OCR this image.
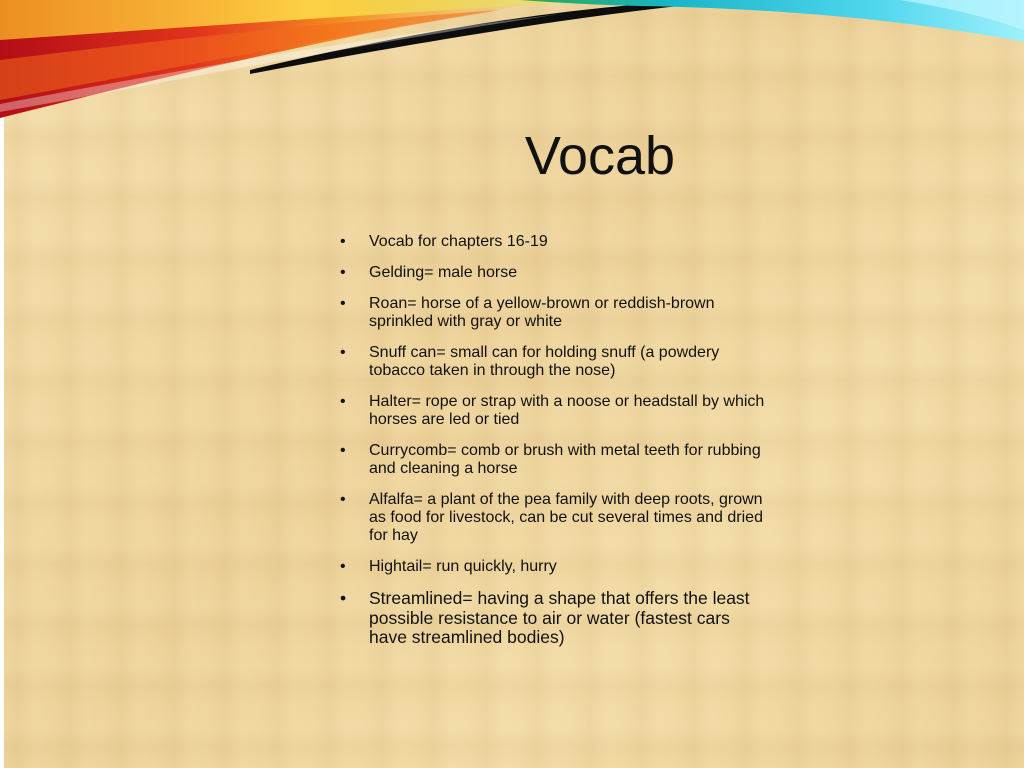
Vocab
• Vocab for chapters 16-19
• Gelding= male horse
• Roan= horse of a yellow-brown or reddish-brown sprinkled with gray or white
• Snuff can= small can for holding snuff (a powdery tobacco taken in through the nose)
• Halter= rope or strap with a noose or headstall by which horses are led or tied
• Currycomb= comb or brush with metal teeth for rubbing and cleaning a horse
• Alfalfa= a plant of the pea family with deep roots, grown as food for livestock, can be cut several times and dried for hay
• Hightail= run quickly, hurry
• Streamlined= having a shape that offers the least possible resistance to air or water (fastest cars have streamlined bodies)
